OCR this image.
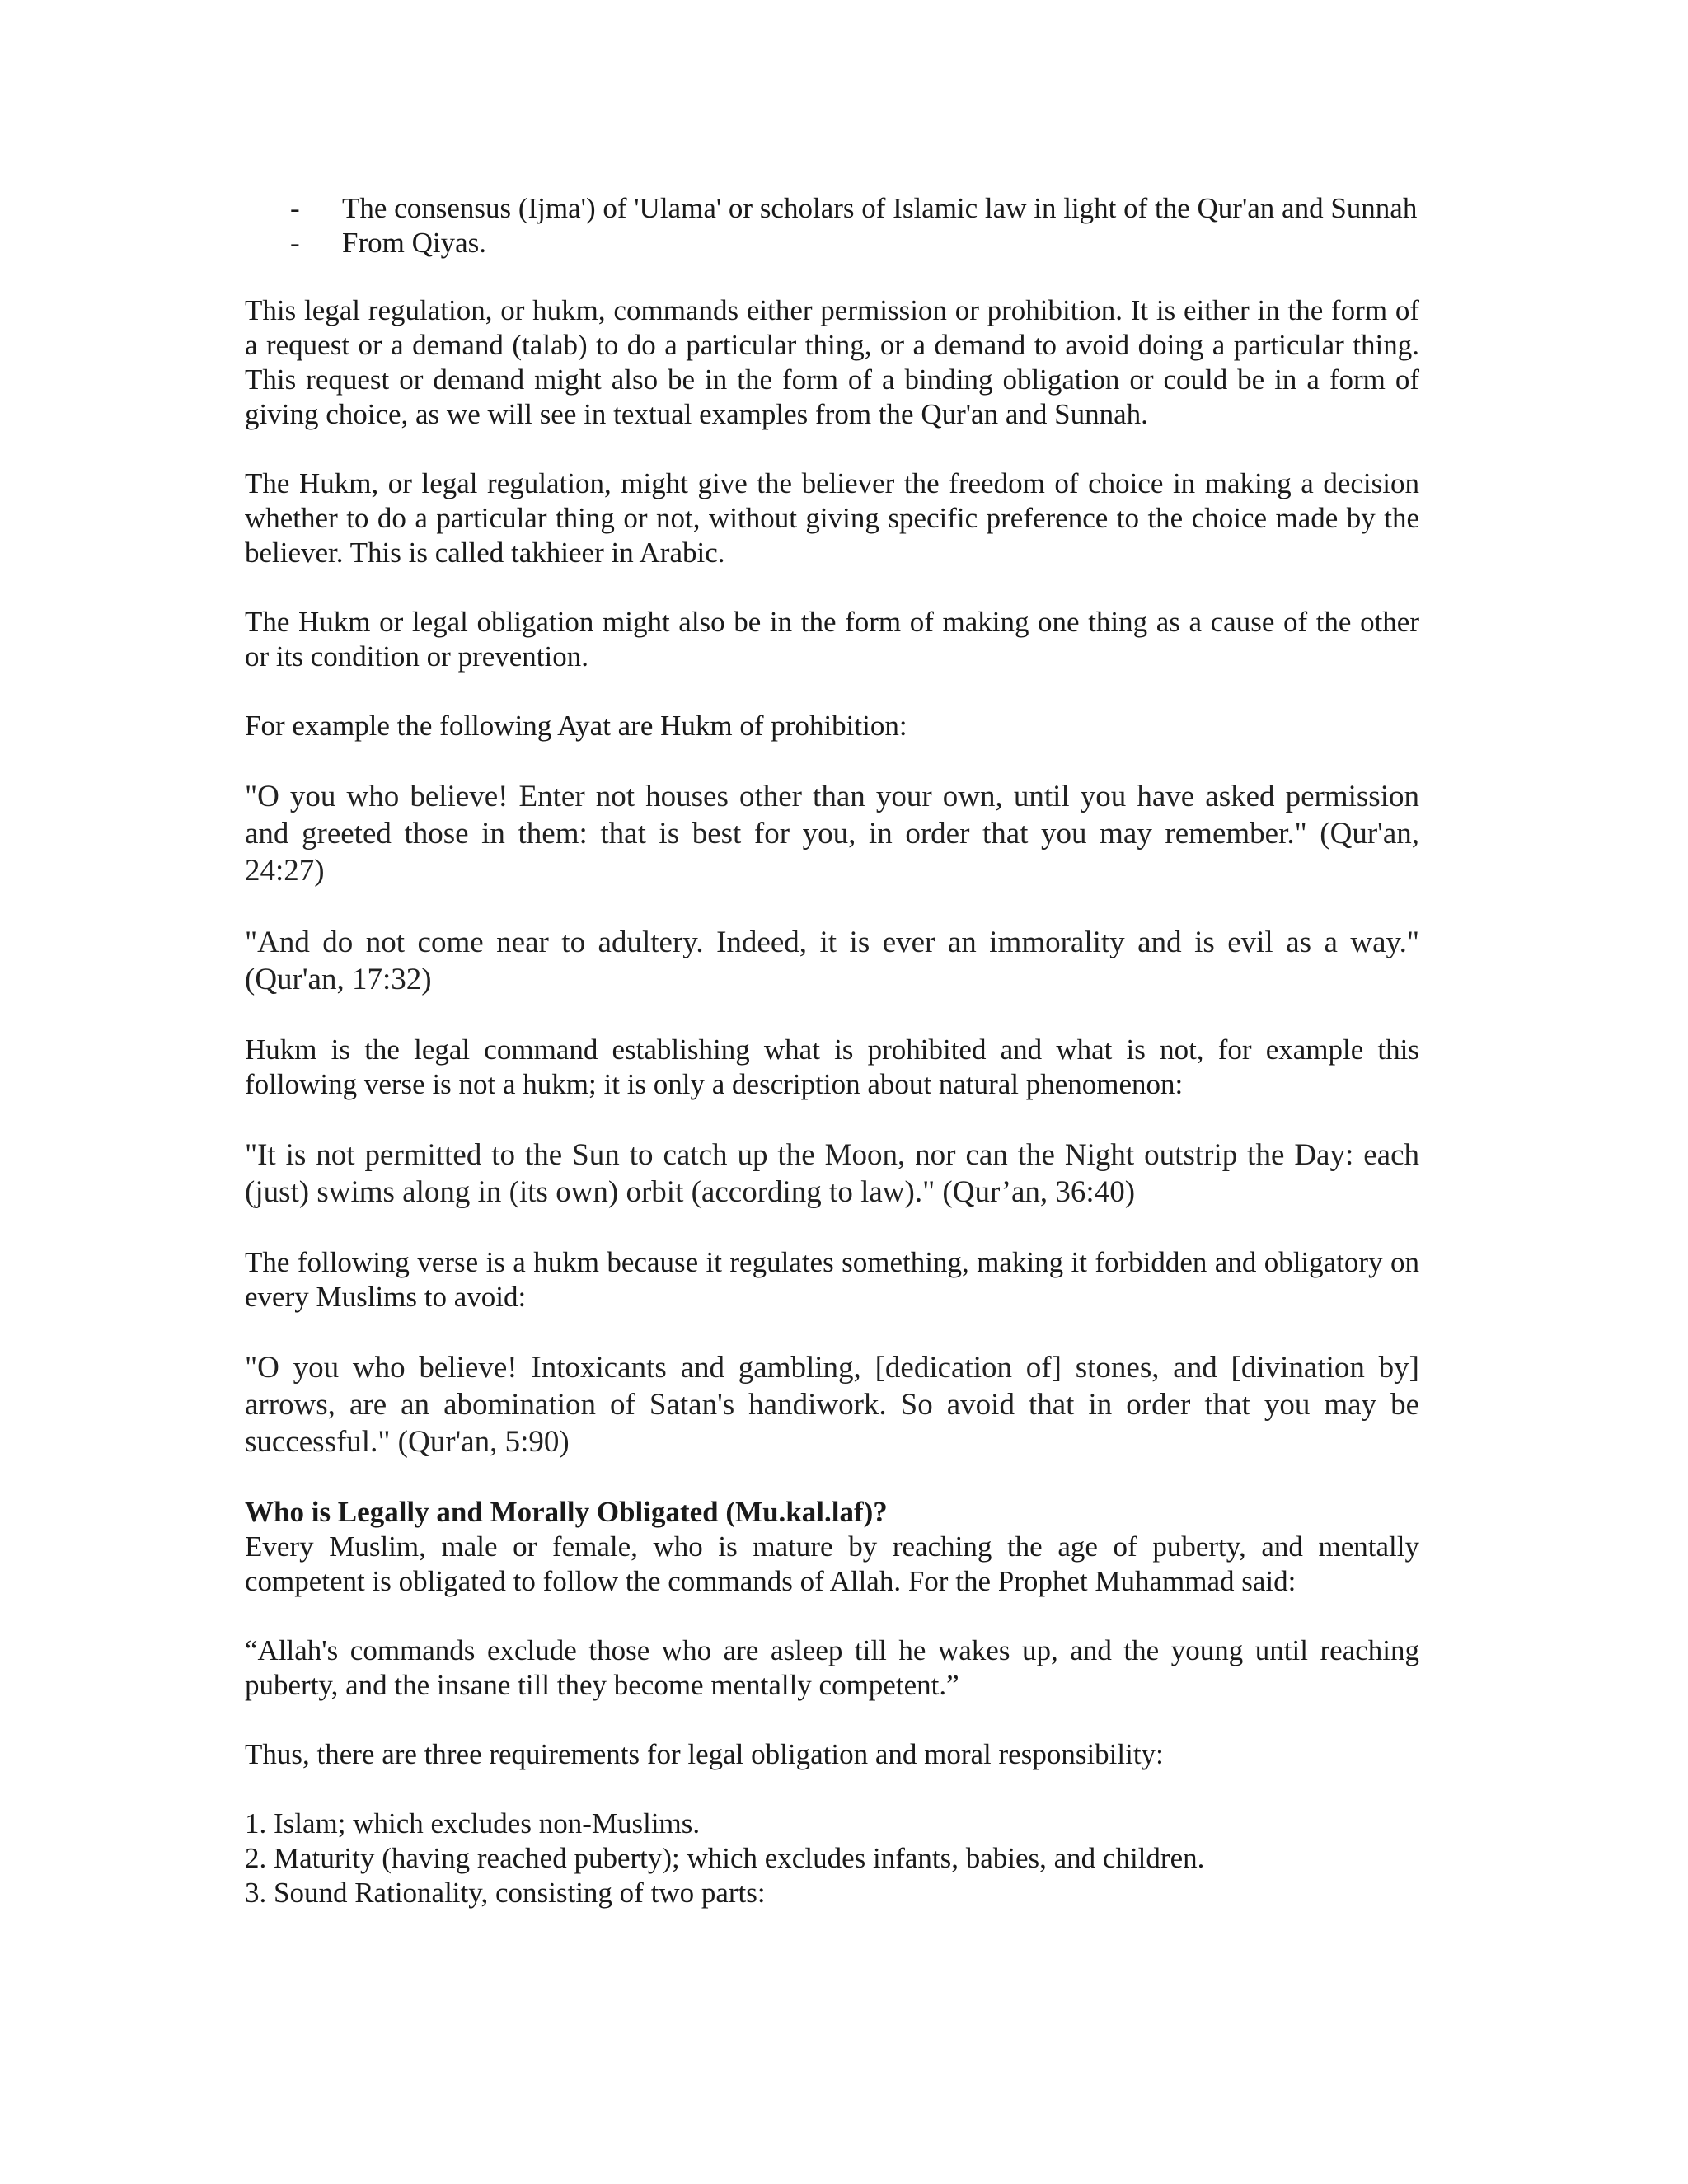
-	The consensus (Ijma') of 'Ulama' or scholars of Islamic law in light of the Qur'an and Sunnah
-	From Qiyas.

This legal regulation, or hukm, commands either permission or prohibition. It is either in the form of a request or a demand (talab) to do a particular thing, or a demand to avoid doing a particular thing. This request or demand might also be in the form of a binding obligation or could be in a form of giving choice, as we will see in textual examples from the Qur'an and Sunnah.

The Hukm, or legal regulation, might give the believer the freedom of choice in making a decision whether to do a particular thing or not, without giving specific preference to the choice made by the believer. This is called takhieer in Arabic.

The Hukm or legal obligation might also be in the form of making one thing as a cause of the other or its condition or prevention.

For example the following Ayat are Hukm of prohibition:

"O you who believe! Enter not houses other than your own, until you have asked permission and greeted those in them: that is best for you, in order that you may remember." (Qur'an, 24:27)

"And do not come near to adultery. Indeed, it is ever an immorality and is evil as a way." (Qur'an, 17:32)

Hukm is the legal command establishing what is prohibited and what is not, for example this following verse is not a hukm; it is only a description about natural phenomenon:

"It is not permitted to the Sun to catch up the Moon, nor can the Night outstrip the Day: each (just) swims along in (its own) orbit (according to law)." (Qur’an, 36:40)

The following verse is a hukm because it regulates something, making it forbidden and obligatory on every Muslims to avoid:

"O you who believe! Intoxicants and gambling, [dedication of] stones, and [divination by] arrows, are an abomination of Satan's handiwork. So avoid that in order that you may be successful." (Qur'an, 5:90)

Who is Legally and Morally Obligated (Mu.kal.laf)?

Every Muslim, male or female, who is mature by reaching the age of puberty, and mentally competent is obligated to follow the commands of Allah. For the Prophet Muhammad said:

“Allah's commands exclude those who are asleep till he wakes up, and the young until reaching puberty, and the insane till they become mentally competent.”

Thus, there are three requirements for legal obligation and moral responsibility:

1. Islam; which excludes non-Muslims.
2. Maturity (having reached puberty); which excludes infants, babies, and children.
3. Sound Rationality, consisting of two parts:
